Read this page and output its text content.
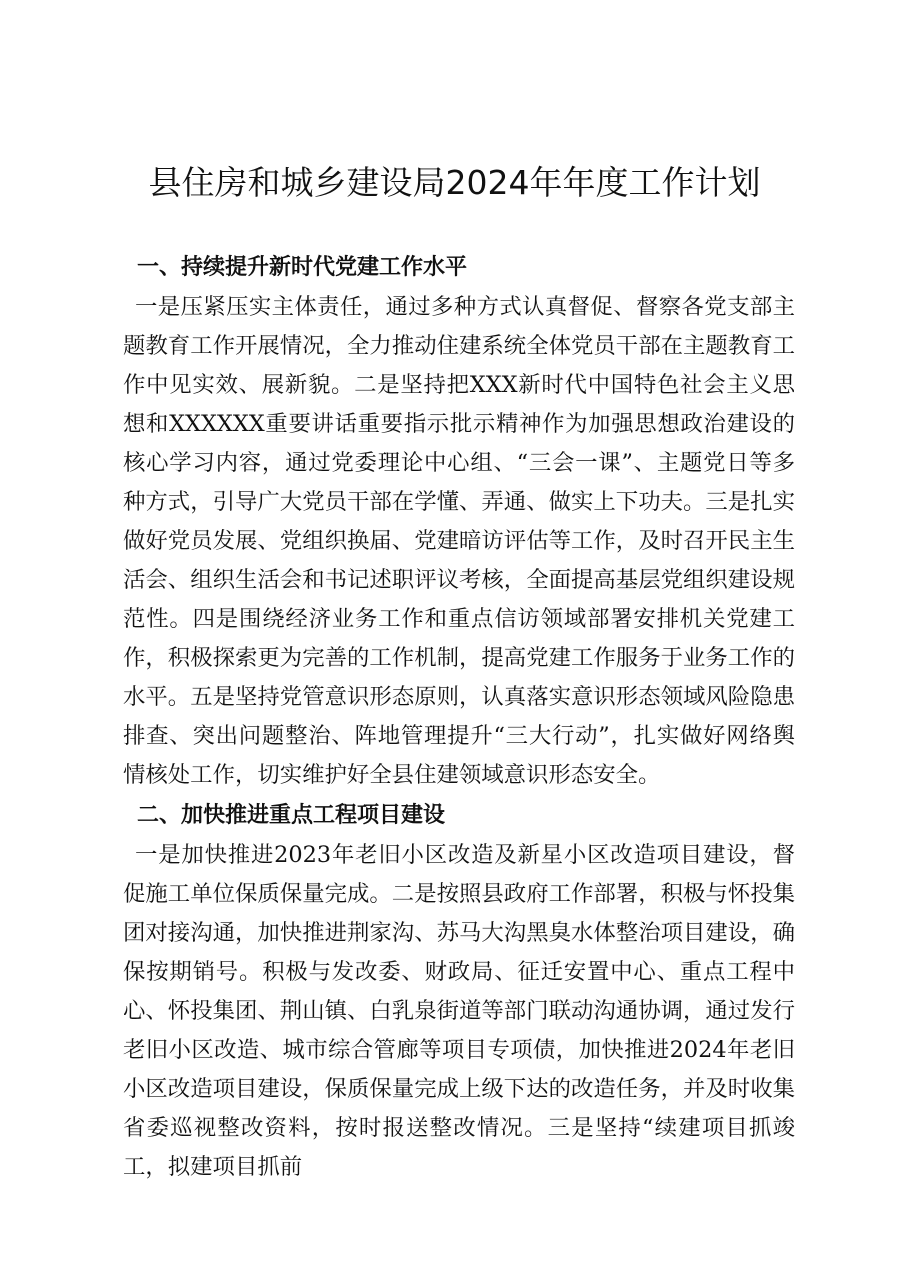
县住房和城乡建设局2024年年度工作计划
一、持续提升新时代党建工作水平

一是压紧压实主体责任，通过多种方式认真督促、督察各党支部主题教育工作开展情况，全力推动住建系统全体党员干部在主题教育工作中见实效、展新貌。二是坚持把XXX新时代中国特色社会主义思想和XXXXXX重要讲话重要指示批示精神作为加强思想政治建设的核心学习内容，通过党委理论中心组、“三会一课”、主题党日等多种方式，引导广大党员干部在学懂、弄通、做实上下功夫。三是扎实做好党员发展、党组织换届、党建暗访评估等工作，及时召开民主生活会、组织生活会和书记述职评议考核，全面提高基层党组织建设规范性。四是围绕经济业务工作和重点信访领域部署安排机关党建工作，积极探索更为完善的工作机制，提高党建工作服务于业务工作的水平。五是坚持党管意识形态原则，认真落实意识形态领域风险隐患排查、突出问题整治、阵地管理提升“三大行动”，扎实做好网络舆情核处工作，切实维护好全县住建领域意识形态安全。

二、加快推进重点工程项目建设

一是加快推进2023年老旧小区改造及新星小区改造项目建设，督促施工单位保质保量完成。二是按照县政府工作部署，积极与怀投集团对接沟通，加快推进荆家沟、苏马大沟黑臭水体整治项目建设，确保按期销号。积极与发改委、财政局、征迁安置中心、重点工程中心、怀投集团、荆山镇、白乳泉街道等部门联动沟通协调，通过发行老旧小区改造、城市综合管廊等项目专项债，加快推进2024年老旧小区改造项目建设，保质保量完成上级下达的改造任务，并及时收集省委巡视整改资料，按时报送整改情况。三是坚持“续建项目抓竣工，拟建项目抓前
